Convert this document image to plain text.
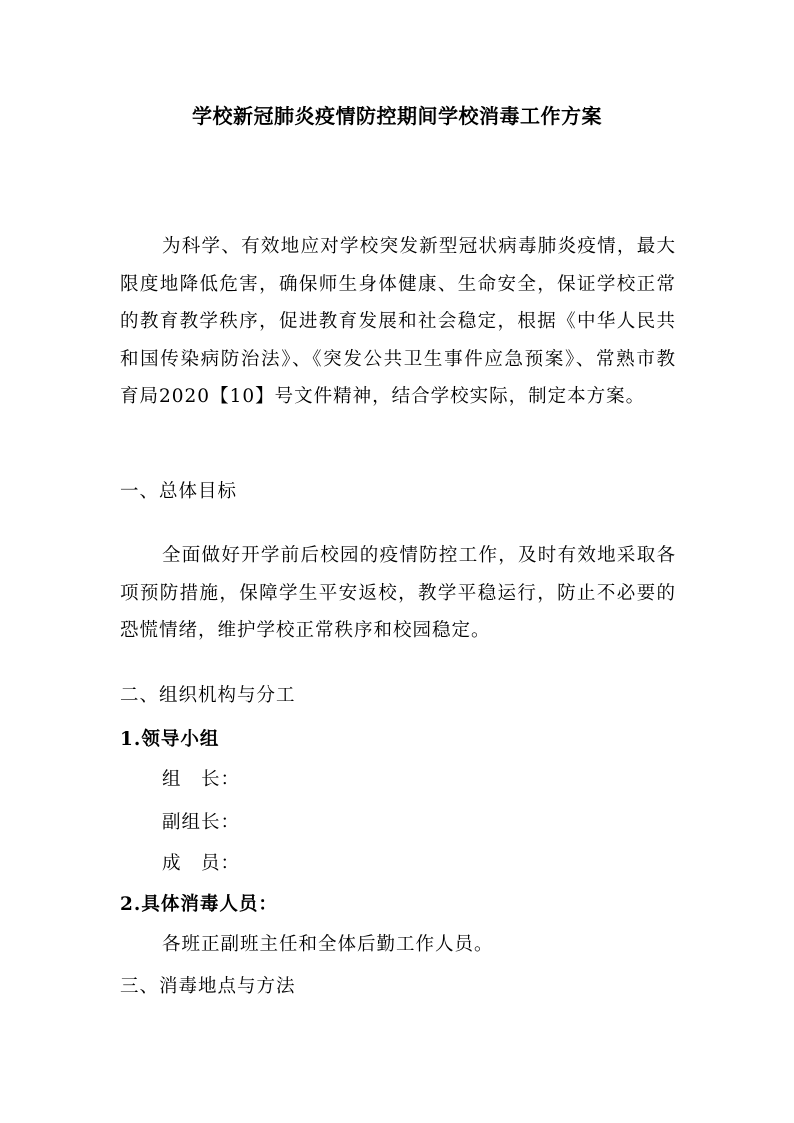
学校新冠肺炎疫情防控期间学校消毒工作方案
为科学、有效地应对学校突发新型冠状病毒肺炎疫情，最大限度地降低危害，确保师生身体健康、生命安全，保证学校正常的教育教学秩序，促进教育发展和社会稳定，根据《中华人民共和国传染病防治法》、《突发公共卫生事件应急预案》、常熟市教育局2020【10】号文件精神，结合学校实际，制定本方案。
一、总体目标
全面做好开学前后校园的疫情防控工作，及时有效地采取各项预防措施，保障学生平安返校，教学平稳运行，防止不必要的恐慌情绪，维护学校正常秩序和校园稳定。
二、组织机构与分工
1.领导小组
组　长：
副组长：
成　员：
2.具体消毒人员：
各班正副班主任和全体后勤工作人员。
三、消毒地点与方法
